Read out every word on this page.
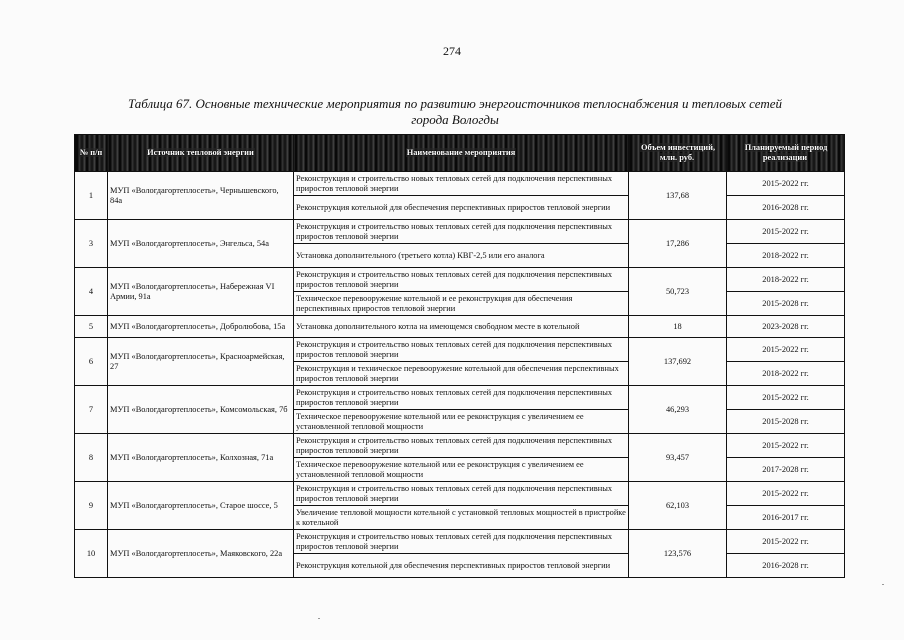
274
Таблица 67. Основные технические мероприятия по развитию энергоисточников теплоснабжения и тепловых сетей
города Вологды
№ п/п	Источник тепловой энергии	Наименование мероприятия	Объем инвестиций, млн. руб.	Планируемый период реализации
1	МУП «Вологдагортеплосеть», Чернышевского, 84а	Реконструкция и строительство новых тепловых сетей для подключения перспективных приростов тепловой энергии	137,68	2015-2022 гг.
		Реконструкция котельной для обеспечения перспективных приростов тепловой энергии		2016-2028 гг.
3	МУП «Вологдагортеплосеть», Энгельса, 54а	Реконструкция и строительство новых тепловых сетей для подключения перспективных приростов тепловой энергии	17,286	2015-2022 гг.
		Установка дополнительного (третьего котла) КВГ-2,5 или его аналога		2018-2022 гг.
4	МУП «Вологдагортеплосеть», Набережная VI Армии, 91а	Реконструкция и строительство новых тепловых сетей для подключения перспективных приростов тепловой энергии	50,723	2018-2022 гг.
		Техническое перевооружение котельной и ее реконструкция для обеспечения перспективных приростов тепловой энергии		2015-2028 гг.
5	МУП «Вологдагортеплосеть», Добролюбова, 15а	Установка дополнительного котла на имеющемся свободном месте в котельной	18	2023-2028 гг.
6	МУП «Вологдагортеплосеть», Красноармейская, 27	Реконструкция и строительство новых тепловых сетей для подключения перспективных приростов тепловой энергии	137,692	2015-2022 гг.
		Реконструкция и техническое перевооружение котельной для обеспечения перспективных приростов тепловой энергии		2018-2022 гг.
7	МУП «Вологдагортеплосеть», Комсомольская, 7б	Реконструкция и строительство новых тепловых сетей для подключения перспективных приростов тепловой энергии	46,293	2015-2022 гг.
		Техническое перевооружение котельной или ее реконструкция с увеличением ее установленной тепловой мощности		2015-2028 гг.
8	МУП «Вологдагортеплосеть», Колхозная, 71а	Реконструкция и строительство новых тепловых сетей для подключения перспективных приростов тепловой энергии	93,457	2015-2022 гг.
		Техническое перевооружение котельной или ее реконструкция с увеличением ее установленной тепловой мощности		2017-2028 гг.
9	МУП «Вологдагортеплосеть», Старое шоссе, 5	Реконструкция и строительство новых тепловых сетей для подключения перспективных приростов тепловой энергии	62,103	2015-2022 гг.
		Увеличение тепловой мощности котельной с установкой тепловых мощностей в пристройке к котельной		2016-2017 гг.
10	МУП «Вологдагортеплосеть», Маяковского, 22а	Реконструкция и строительство новых тепловых сетей для подключения перспективных приростов тепловой энергии	123,576	2015-2022 гг.
		Реконструкция котельной для обеспечения перспективных приростов тепловой энергии		2016-2028 гг.
